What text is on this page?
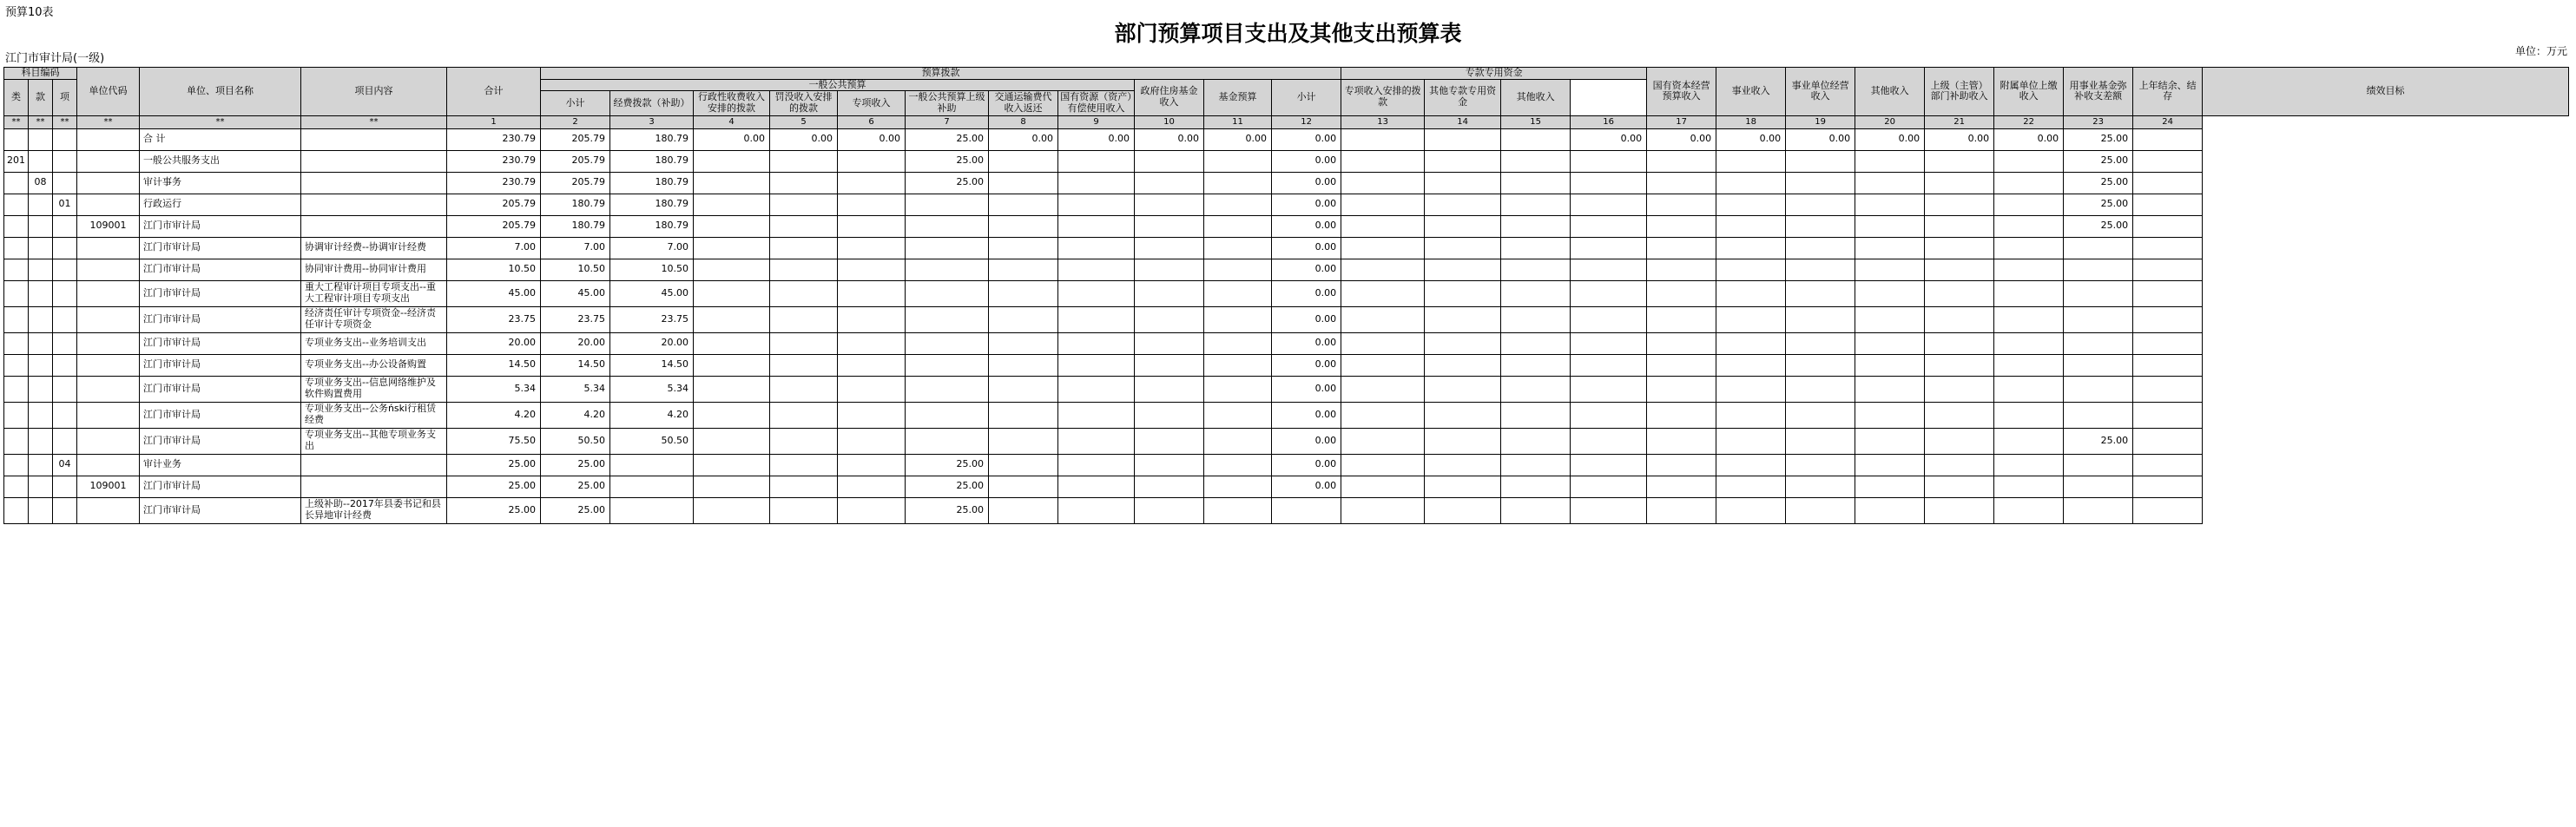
预算10表
部门预算项目支出及其他支出预算表
单位：万元
江门市审计局(一级)
科目编码			单位代码	单位、项目名称	项目内容	合计	预算拨款											专款专用资金				国有资本经营预算收入	事业收入	事业单位经营收入	其他收入	上级（主管）部门补助收入	附属单位上缴收入	用事业基金弥补收支差额	上年结余、结存	绩效目标
类	款	项					一般公共预算								政府住房基金收入	基金预算	小计	专项收入安排的拨款	其他专款专用资金	其他收入										
							小计	经费拨款（补助）	行政性收费收入安排的拨款	罚没收入安排的拨款	专项收入	一般公共预算上级补助	交通运输费代收入返还	国有资源（资产）有偿使用收入																

**	**	**	**	**	**	1	2	3	4	5	6	7	8	9	10	11	12	13	14	15	16	17	18	19	20	21	22	23	24	
				合 计		230.79	205.79	180.79	0.00	0.00	0.00	25.00	0.00	0.00	0.00	0.00	0.00				0.00	0.00	0.00	0.00	0.00	0.00	0.00	25.00		
201				一般公共服务支出		230.79	205.79	180.79				25.00					0.00											25.00		
	08			审计事务		230.79	205.79	180.79				25.00					0.00											25.00		
		01		行政运行		205.79	180.79	180.79									0.00											25.00		
			109001	江门市审计局		205.79	180.79	180.79									0.00											25.00		
				江门市审计局	协调审计经费--协调审计经费	7.00	7.00	7.00									0.00													
				江门市审计局	协同审计费用--协同审计费用	10.50	10.50	10.50									0.00													
				江门市审计局	重大工程审计项目专项支出--重大工程审计项目专项支出	45.00	45.00	45.00									0.00													
				江门市审计局	经济责任审计专项资金--经济责任审计专项资金	23.75	23.75	23.75									0.00													
				江门市审计局	专项业务支出--业务培训支出	20.00	20.00	20.00									0.00													
				江门市审计局	专项业务支出--办公设备购置	14.50	14.50	14.50									0.00													
				江门市审计局	专项业务支出--信息网络维护及软件购置费用	5.34	5.34	5.34									0.00													
				江门市审计局	专项业务支出--公务ński行租赁经费	4.20	4.20	4.20									0.00													
				江门市审计局	专项业务支出--其他专项业务支出	75.50	50.50	50.50									0.00											25.00		
		04		审计业务		25.00	25.00					25.00					0.00													
			109001	江门市审计局		25.00	25.00					25.00					0.00													
				江门市审计局	上级补助--2017年县委书记和县长异地审计经费	25.00	25.00					25.00																		
